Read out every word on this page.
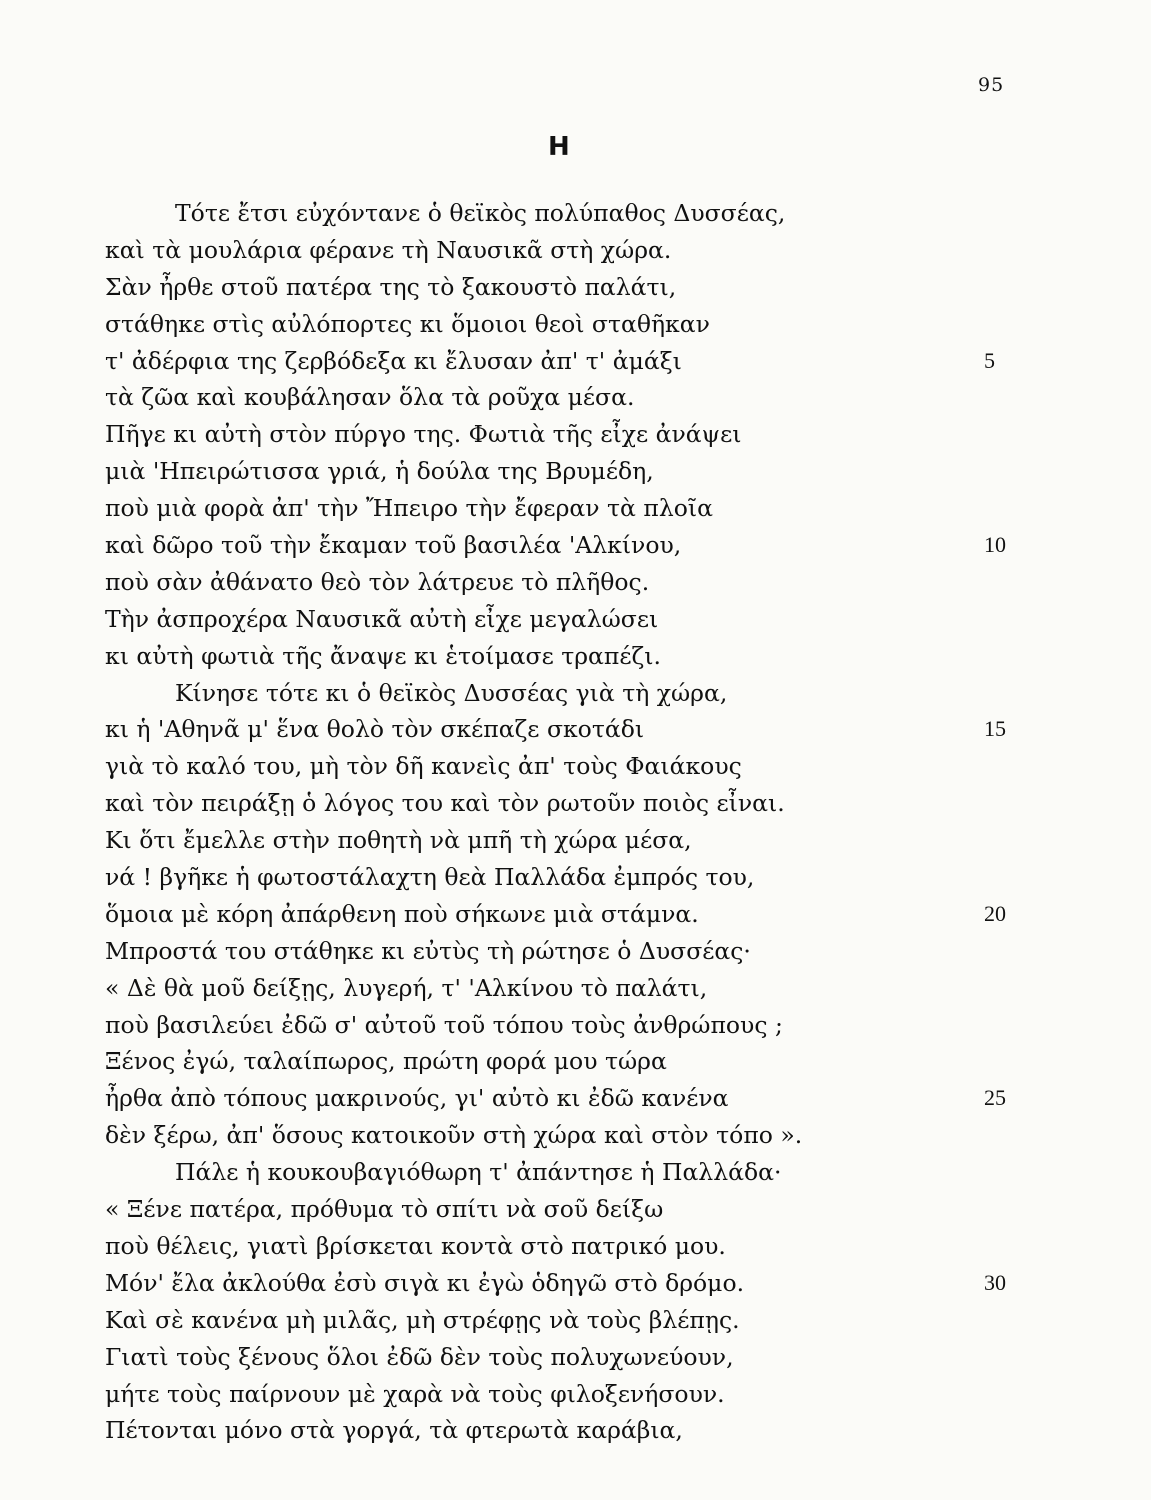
95
Η
Τότε ἔτσι εὐχόντανε ὁ θεϊκὸς πολύπαθος Δυσσέας,
καὶ τὰ μουλάρια φέρανε τὴ Ναυσικᾶ στὴ χώρα.
Σὰν ἦρθε στοῦ πατέρα της τὸ ξακουστὸ παλάτι,
στάθηκε στὶς αὐλόπορτες κι ὅμοιοι θεοὶ σταθῆκαν
τ' ἀδέρφια της ζερβόδεξα κι ἔλυσαν ἀπ' τ' ἀμάξι	5
τὰ ζῶα καὶ κουβάλησαν ὅλα τὰ ροῦχα μέσα.
Πῆγε κι αὐτὴ στὸν πύργο της. Φωτιὰ τῆς εἶχε ἀνάψει
μιὰ 'Ηπειρώτισσα γριά, ἡ δούλα της Βρυμέδη,
ποὺ μιὰ φορὰ ἀπ' τὴν Ἤπειρο τὴν ἔφεραν τὰ πλοῖα
καὶ δῶρο τοῦ τὴν ἔκαμαν τοῦ βασιλέα 'Αλκίνου,	10
ποὺ σὰν ἀθάνατο θεὸ τὸν λάτρευε τὸ πλῆθος.
Τὴν ἀσπροχέρα Ναυσικᾶ αὐτὴ εἶχε μεγαλώσει
κι αὐτὴ φωτιὰ τῆς ἄναψε κι ἑτοίμασε τραπέζι.
Κίνησε τότε κι ὁ θεϊκὸς Δυσσέας γιὰ τὴ χώρα,
κι ἡ 'Αθηνᾶ μ' ἕνα θολὸ τὸν σκέπαζε σκοτάδι	15
γιὰ τὸ καλό του, μὴ τὸν δῆ κανεὶς ἀπ' τοὺς Φαιάκους
καὶ τὸν πειράξῃ ὁ λόγος του καὶ τὸν ρωτοῦν ποιὸς εἶναι.
Κι ὅτι ἔμελλε στὴν ποθητὴ νὰ μπῆ τὴ χώρα μέσα,
νά ! βγῆκε ἡ φωτοστάλαχτη θεὰ Παλλάδα ἐμπρός του,
ὅμοια μὲ κόρη ἀπάρθενη ποὺ σήκωνε μιὰ στάμνα.	20
Μπροστά του στάθηκε κι εὐτὺς τὴ ρώτησε ὁ Δυσσέας·
« Δὲ θὰ μοῦ δείξῃς, λυγερή, τ' 'Αλκίνου τὸ παλάτι,
ποὺ βασιλεύει ἐδῶ σ' αὐτοῦ τοῦ τόπου τοὺς ἀνθρώπους ;
Ξένος ἐγώ, ταλαίπωρος, πρώτη φορά μου τώρα
ἦρθα ἀπὸ τόπους μακρινούς, γι' αὐτὸ κι ἐδῶ κανένα	25
δὲν ξέρω, ἀπ' ὅσους κατοικοῦν στὴ χώρα καὶ στὸν τόπο ».
Πάλε ἡ κουκουβαγιόθωρη τ' ἀπάντησε ἡ Παλλάδα·
« Ξένε πατέρα, πρόθυμα τὸ σπίτι νὰ σοῦ δείξω
ποὺ θέλεις, γιατὶ βρίσκεται κοντὰ στὸ πατρικό μου.
Μόν' ἔλα ἀκλούθα ἐσὺ σιγὰ κι ἐγὼ ὁδηγῶ στὸ δρόμο.	30
Καὶ σὲ κανένα μὴ μιλᾶς, μὴ στρέφῃς νὰ τοὺς βλέπῃς.
Γιατὶ τοὺς ξένους ὅλοι ἐδῶ δὲν τοὺς πολυχωνεύουν,
μήτε τοὺς παίρνουν μὲ χαρὰ νὰ τοὺς φιλοξενήσουν.
Πέτονται μόνο στὰ γοργά, τὰ φτερωτὰ καράβια,
